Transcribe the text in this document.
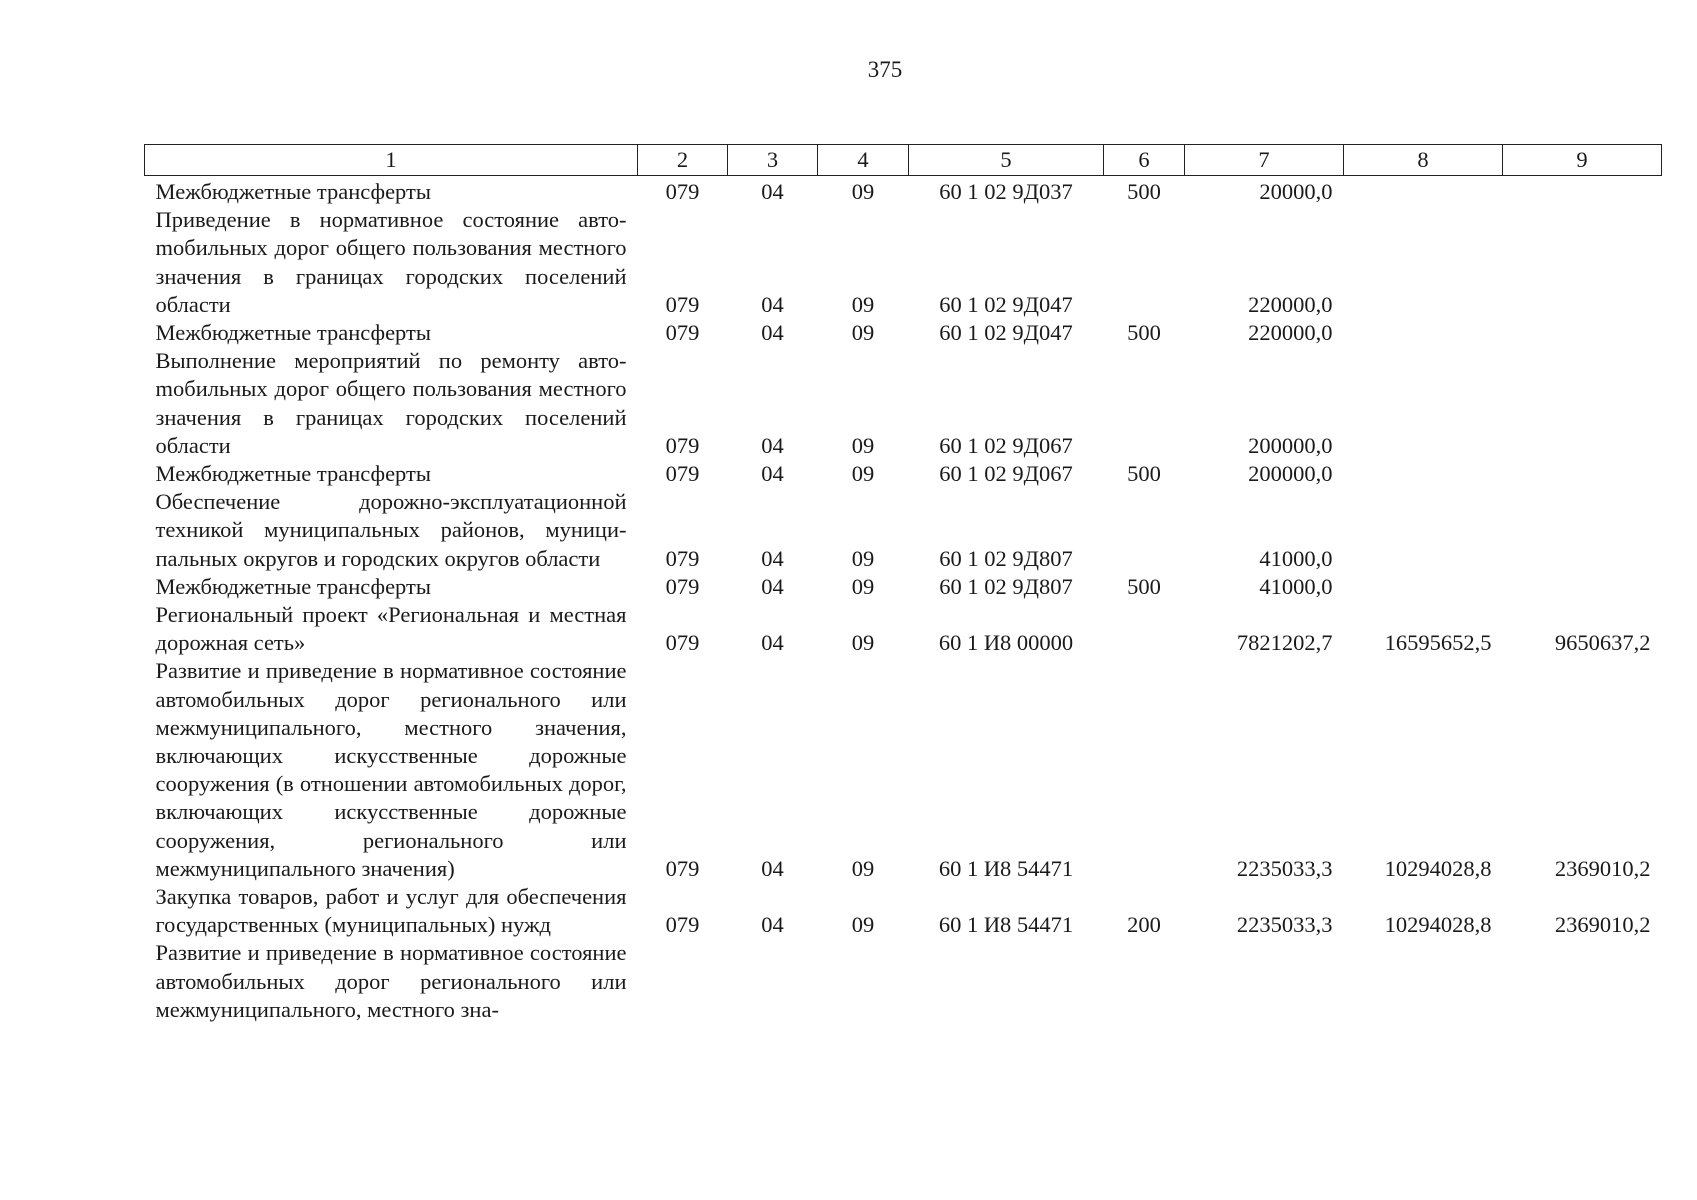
375
1	2	3	4	5	6	7	8	9
Межбюджетные трансферты	079	04	09	60 1 02 9Д037	500	20000,0		
Приведение в нормативное состояние автоmобильных дорог общего пользования местного значения в границах городских поселений области	079	04	09	60 1 02 9Д047		220000,0		
Межбюджетные трансферты	079	04	09	60 1 02 9Д047	500	220000,0		
Выполнение мероприятий по ремонту автоmобильных дорог общего пользования местного значения в границах городских поселений области	079	04	09	60 1 02 9Д067		200000,0		
Межбюджетные трансферты	079	04	09	60 1 02 9Д067	500	200000,0		
Обеспечение дорожно-эксплуатационной техникой муниципальных районов, муниципальных округов и городских округов области	079	04	09	60 1 02 9Д807		41000,0		
Межбюджетные трансферты	079	04	09	60 1 02 9Д807	500	41000,0		
Региональный проект «Региональная и местная дорожная сеть»	079	04	09	60 1 И8 00000		7821202,7	16595652,5	9650637,2
Развитие и приведение в нормативное состояние автомобильных дорог регионального или межмуниципального, местного значения, включающих искусственные дорожные сооружения (в отношении автомобильных дорог, включающих искусственные дорожные сооружения, регионального или межмуниципального значения)	079	04	09	60 1 И8 54471		2235033,3	10294028,8	2369010,2
Закупка товаров, работ и услуг для обеспечения государственных (муниципальных) нужд	079	04	09	60 1 И8 54471	200	2235033,3	10294028,8	2369010,2
Развитие и приведение в нормативное состояние автомобильных дорог регионального или межмуниципального, местного зна-								
